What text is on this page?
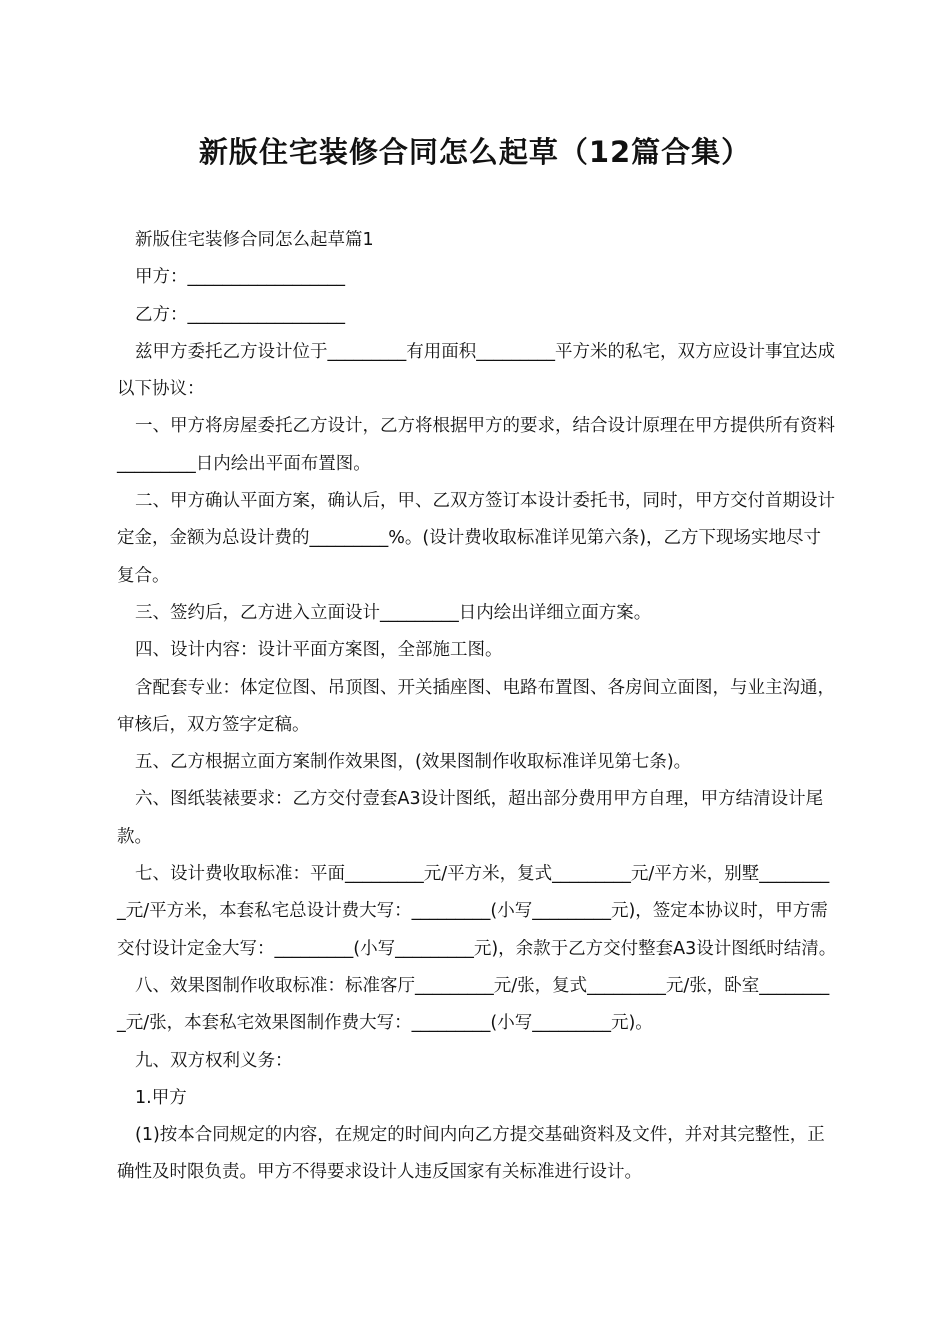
新版住宅装修合同怎么起草（12篇合集）

新版住宅装修合同怎么起草篇1

甲方：__________________

乙方：__________________

兹甲方委托乙方设计位于_________有用面积_________平方米的私宅，双方应设计事宜达成以下协议：

一、甲方将房屋委托乙方设计，乙方将根据甲方的要求，结合设计原理在甲方提供所有资料_________日内绘出平面布置图。

二、甲方确认平面方案，确认后，甲、乙双方签订本设计委托书，同时，甲方交付首期设计定金，金额为总设计费的_________%。(设计费收取标准详见第六条)，乙方下现场实地尽寸复合。

三、签约后，乙方进入立面设计_________日内绘出详细立面方案。

四、设计内容：设计平面方案图，全部施工图。

含配套专业：体定位图、吊顶图、开关插座图、电路布置图、各房间立面图，与业主沟通，审核后，双方签字定稿。

五、乙方根据立面方案制作效果图，(效果图制作收取标准详见第七条)。

六、图纸装裱要求：乙方交付壹套A3设计图纸，超出部分费用甲方自理，甲方结清设计尾款。

七、设计费收取标准：平面_________元/平方米，复式_________元/平方米，别墅_________元/平方米，本套私宅总设计费大写：_________(小写_________元)，签定本协议时，甲方需交付设计定金大写：_________(小写_________元)，余款于乙方交付整套A3设计图纸时结清。

八、效果图制作收取标准：标准客厅_________元/张，复式_________元/张，卧室_________元/张，本套私宅效果图制作费大写：_________(小写_________元)。

九、双方权利义务：

1.甲方

(1)按本合同规定的内容，在规定的时间内向乙方提交基础资料及文件，并对其完整性，正确性及时限负责。甲方不得要求设计人违反国家有关标准进行设计。
